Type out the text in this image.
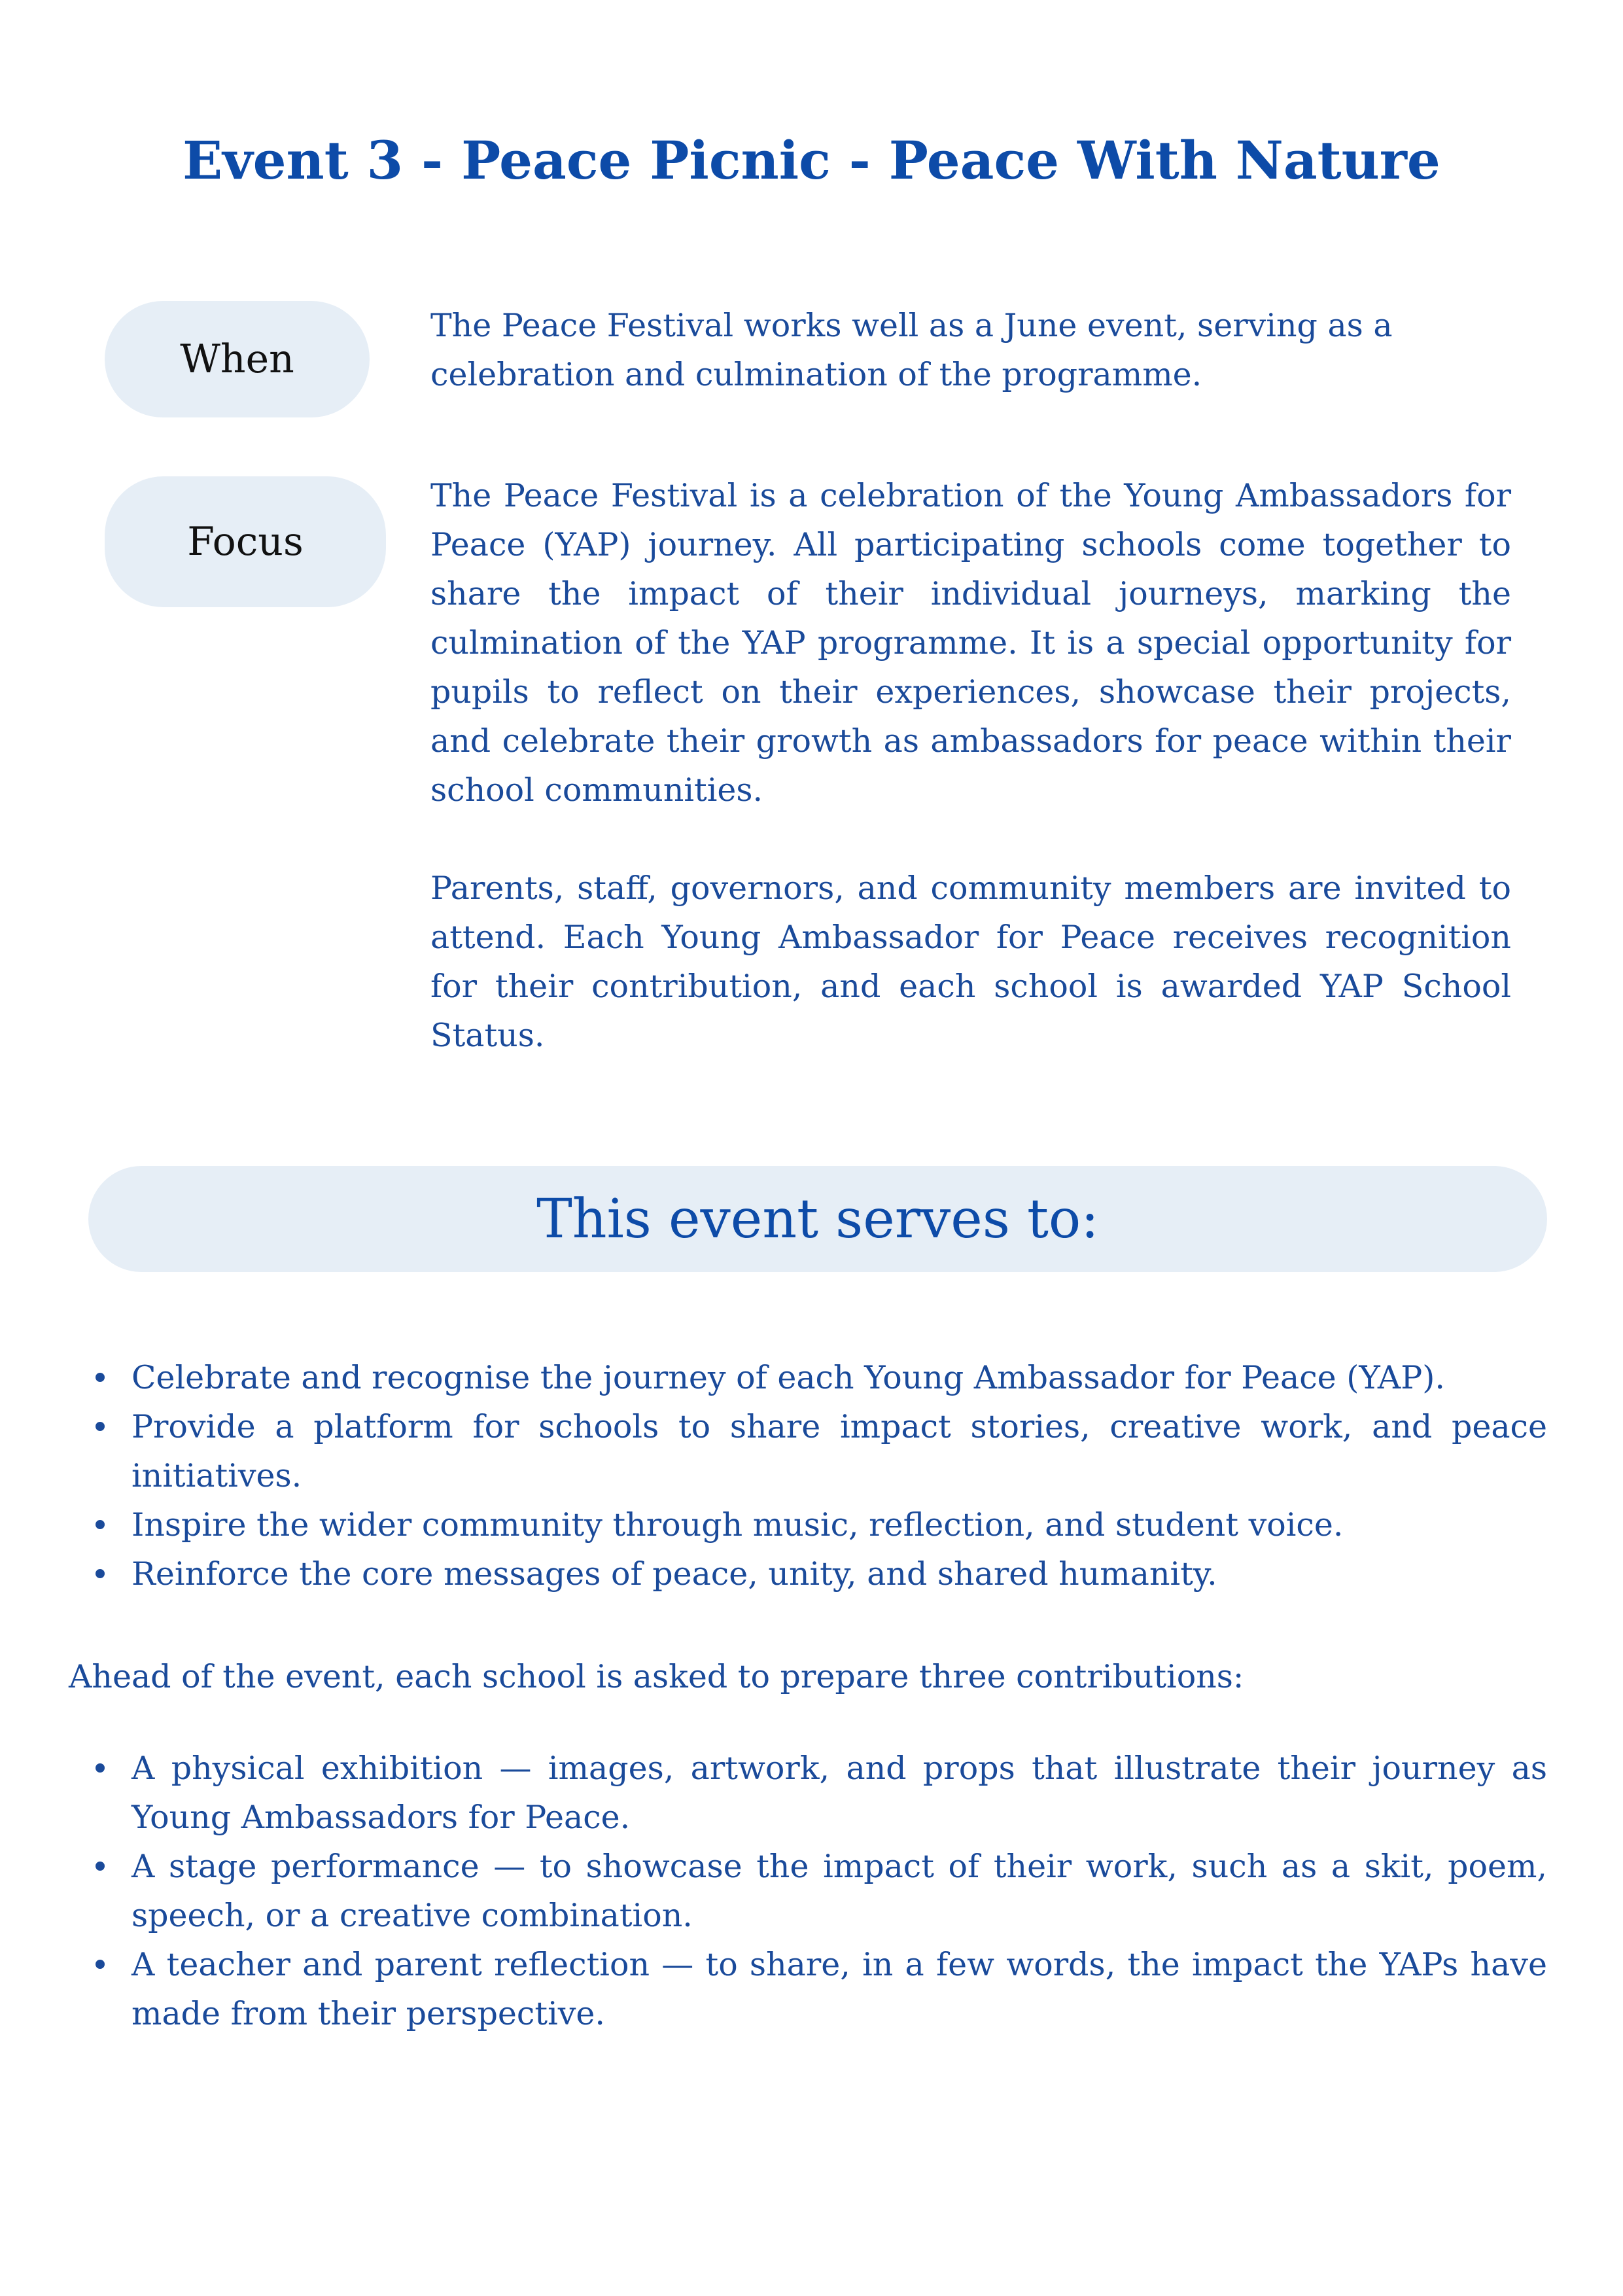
Event 3 - Peace Picnic - Peace With Nature
When

The Peace Festival works well as a June event, serving as a celebration and culmination of the programme.

Focus

The Peace Festival is a celebration of the Young Ambassadors for Peace (YAP) journey. All participating schools come together to share the impact of their individual journeys, marking the culmination of the YAP programme. It is a special opportunity for pupils to reflect on their experiences, showcase their projects, and celebrate their growth as ambassadors for peace within their school communities.

Parents, staff, governors, and community members are invited to attend. Each Young Ambassador for Peace receives recognition for their contribution, and each school is awarded YAP School Status.

This event serves to:
Celebrate and recognise the journey of each Young Ambassador for Peace (YAP).
Provide a platform for schools to share impact stories, creative work, and peace initiatives.
Inspire the wider community through music, reflection, and student voice.
Reinforce the core messages of peace, unity, and shared humanity.

Ahead of the event, each school is asked to prepare three contributions:

A physical exhibition — images, artwork, and props that illustrate their journey as Young Ambassadors for Peace.
A stage performance — to showcase the impact of their work, such as a skit, poem, speech, or a creative combination.
A teacher and parent reflection — to share, in a few words, the impact the YAPs have made from their perspective.
